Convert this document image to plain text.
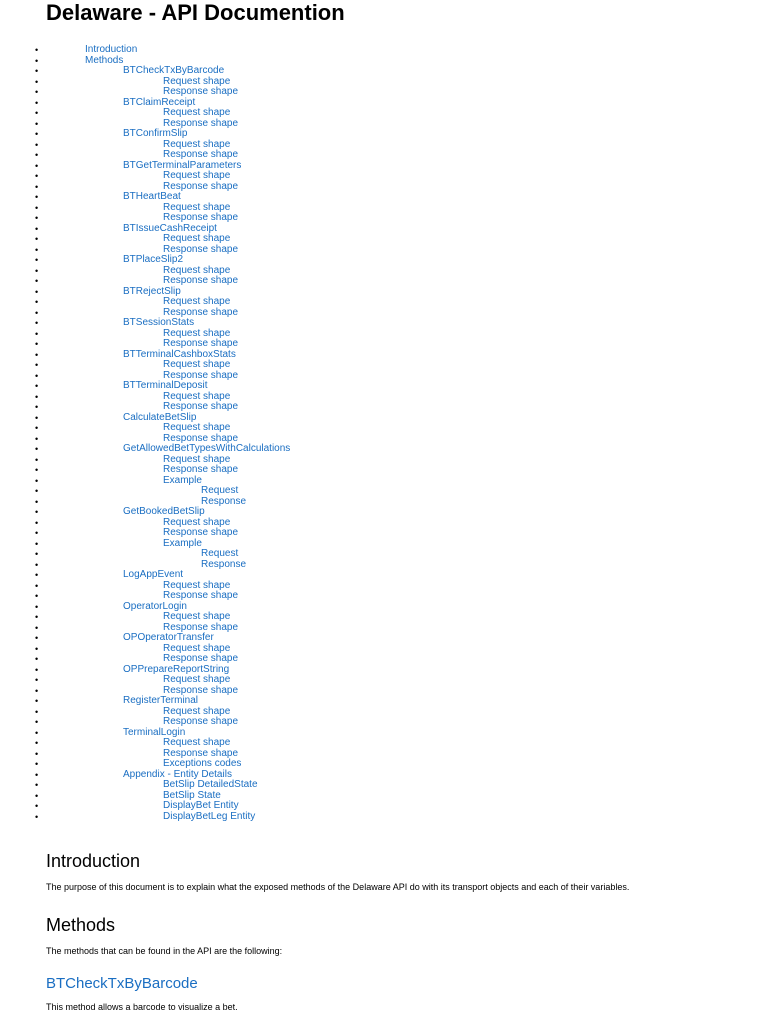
Delaware - API Documention
• Introduction
• Methods
• BTCheckTxByBarcode
• Request shape
• Response shape
• BTClaimReceipt
• Request shape
• Response shape
• BTConfirmSlip
• Request shape
• Response shape
• BTGetTerminalParameters
• Request shape
• Response shape
• BTHeartBeat
• Request shape
• Response shape
• BTIssueCashReceipt
• Request shape
• Response shape
• BTPlaceSlip2
• Request shape
• Response shape
• BTRejectSlip
• Request shape
• Response shape
• BTSessionStats
• Request shape
• Response shape
• BTTerminalCashboxStats
• Request shape
• Response shape
• BTTerminalDeposit
• Request shape
• Response shape
• CalculateBetSlip
• Request shape
• Response shape
• GetAllowedBetTypesWithCalculations
• Request shape
• Response shape
• Example
• Request
• Response
• GetBookedBetSlip
• Request shape
• Response shape
• Example
• Request
• Response
• LogAppEvent
• Request shape
• Response shape
• OperatorLogin
• Request shape
• Response shape
• OPOperatorTransfer
• Request shape
• Response shape
• OPPrepareReportString
• Request shape
• Response shape
• RegisterTerminal
• Request shape
• Response shape
• TerminalLogin
• Request shape
• Response shape
• Exceptions codes
• Appendix - Entity Details
• BetSlip DetailedState
• BetSlip State
• DisplayBet Entity
• DisplayBetLeg Entity
Introduction

The purpose of this document is to explain what the exposed methods of the Delaware API do with its transport objects and each of their variables.

Methods

The methods that can be found in the API are the following:

BTCheckTxByBarcode

This method allows a barcode to visualize a bet.
